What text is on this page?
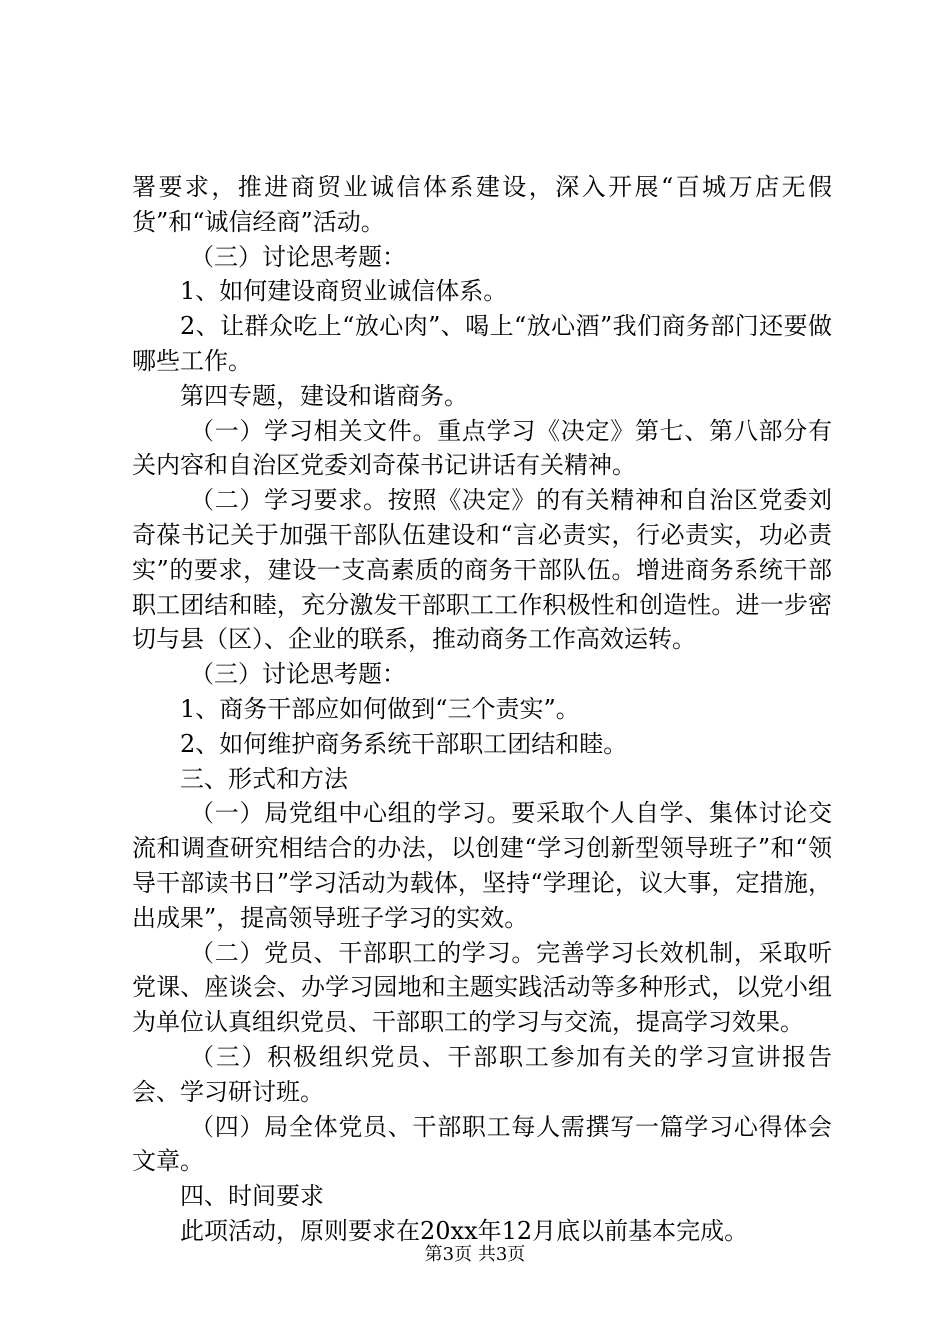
署要求，推进商贸业诚信体系建设，深入开展“百城万店无假货”和“诚信经商”活动。

（三）讨论思考题：

1、如何建设商贸业诚信体系。

2、让群众吃上“放心肉”、喝上“放心酒”我们商务部门还要做哪些工作。

第四专题，建设和谐商务。

（一）学习相关文件。重点学习《决定》第七、第八部分有关内容和自治区党委刘奇葆书记讲话有关精神。

（二）学习要求。按照《决定》的有关精神和自治区党委刘奇葆书记关于加强干部队伍建设和“言必责实，行必责实，功必责实”的要求，建设一支高素质的商务干部队伍。增进商务系统干部职工团结和睦，充分激发干部职工工作积极性和创造性。进一步密切与县（区）、企业的联系，推动商务工作高效运转。

（三）讨论思考题：

1、商务干部应如何做到“三个责实”。

2、如何维护商务系统干部职工团结和睦。

三、形式和方法

（一）局党组中心组的学习。要采取个人自学、集体讨论交流和调查研究相结合的办法，以创建“学习创新型领导班子”和“领导干部读书日”学习活动为载体，坚持“学理论，议大事，定措施，出成果”，提高领导班子学习的实效。

（二）党员、干部职工的学习。完善学习长效机制，采取听党课、座谈会、办学习园地和主题实践活动等多种形式，以党小组为单位认真组织党员、干部职工的学习与交流，提高学习效果。

（三）积极组织党员、干部职工参加有关的学习宣讲报告会、学习研讨班。

（四）局全体党员、干部职工每人需撰写一篇学习心得体会文章。

四、时间要求

此项活动，原则要求在20xx年12月底以前基本完成。

第3页 共3页
